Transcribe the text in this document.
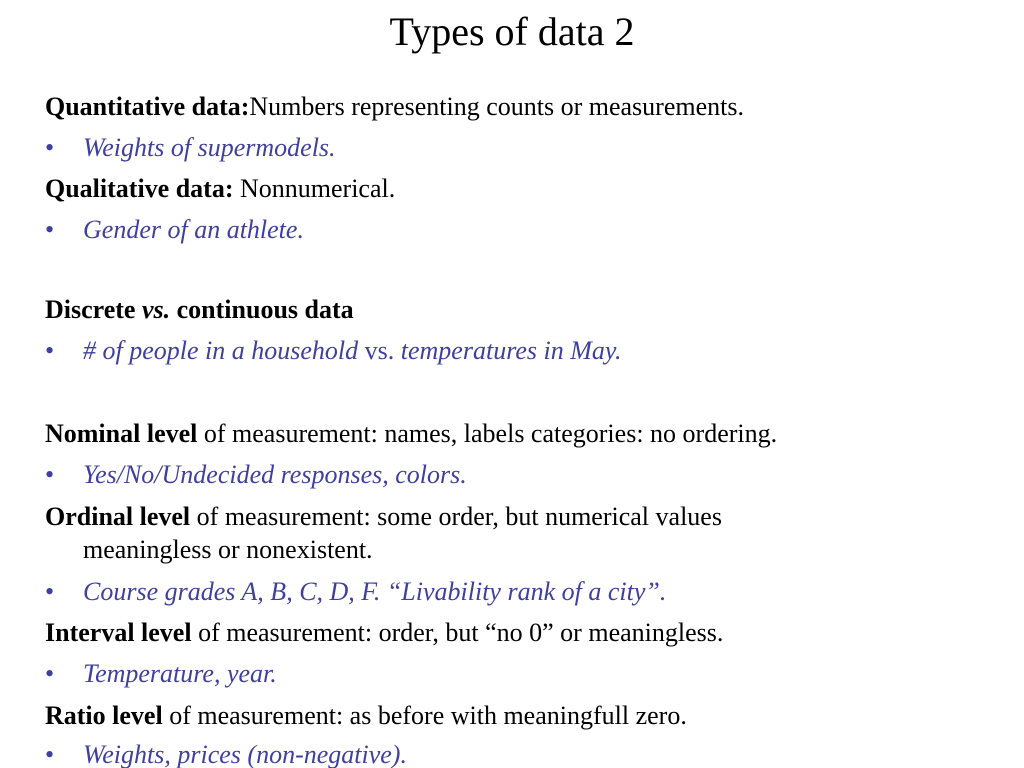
Types of data 2
Quantitative data:Numbers representing counts or measurements.
• Weights of supermodels.
Qualitative data: Nonnumerical.
• Gender of an athlete.
Discrete vs. continuous data
• # of people in a household vs. temperatures in May.
Nominal level of measurement: names, labels categories: no ordering.
• Yes/No/Undecided responses, colors.
Ordinal level of measurement: some order, but numerical values
meaningless or nonexistent.
• Course grades A, B, C, D, F. “Livability rank of a city”.
Interval level of measurement: order, but “no 0” or meaningless.
• Temperature, year.
Ratio level of measurement: as before with meaningfull zero.
• Weights, prices (non-negative).
